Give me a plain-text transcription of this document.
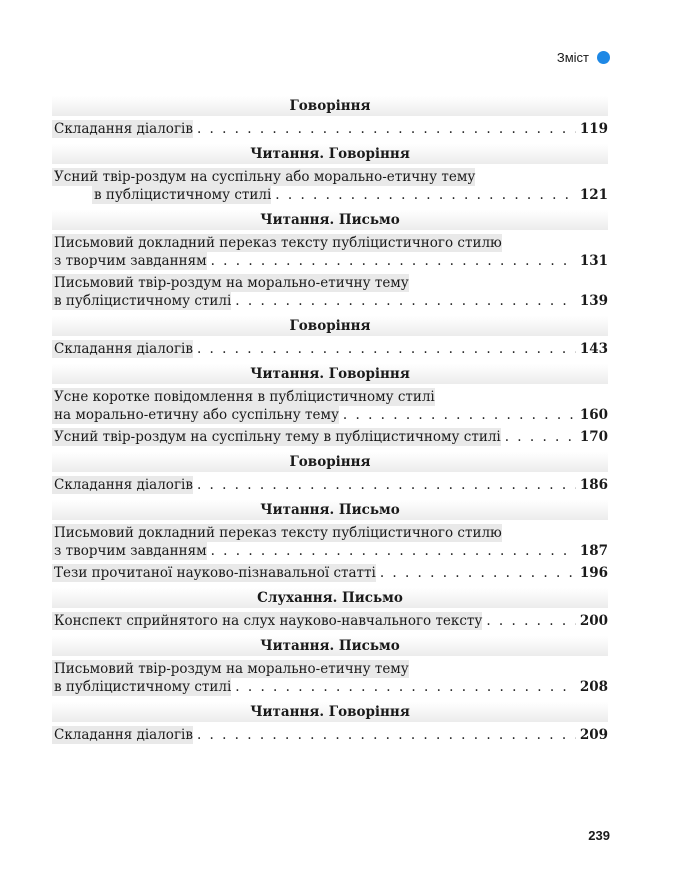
Зміст
Говоріння
Складання діалогів . . .	119
Читання. Говоріння
Усний твір-роздум на суспільну або морально-етичну тему
в публіцистичному стилі . . .	121
Читання. Письмо
Письмовий докладний переказ тексту публіцистичного стилю
з творчим завданням . . .	131
Письмовий твір-роздум на морально-етичну тему
в публіцистичному стилі . . .	139
Говоріння
Складання діалогів . . .	143
Читання. Говоріння
Усне коротке повідомлення в публіцистичному стилі
на морально-етичну або суспільну тему . . .	160
Усний твір-роздум на суспільну тему в публіцистичному стилі . . .	170
Говоріння
Складання діалогів . . .	186
Читання. Письмо
Письмовий докладний переказ тексту публіцистичного стилю
з творчим завданням . . .	187
Тези прочитаної науково-пізнавальної статті . . .	196
Слухання. Письмо
Конспект сприйнятого на слух науково-навчального тексту . . .	200
Читання. Письмо
Письмовий твір-роздум на морально-етичну тему
в публіцистичному стилі . . .	208
Читання. Говоріння
Складання діалогів . . .	209
239
